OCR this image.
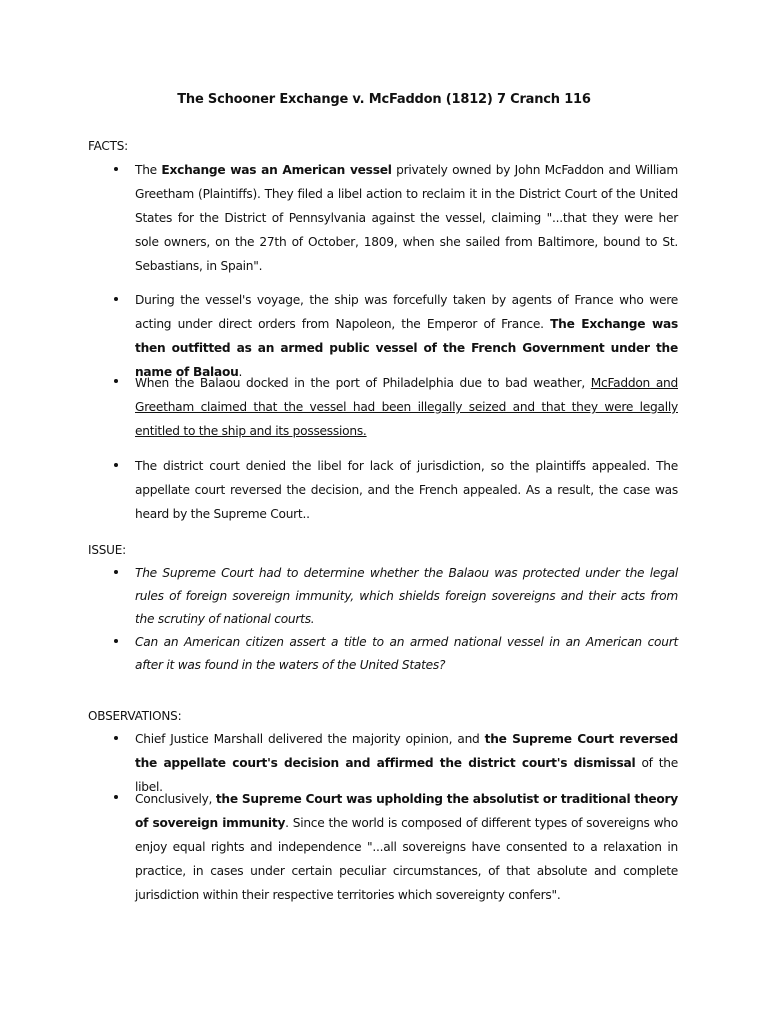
The Schooner Exchange v. McFaddon (1812) 7 Cranch 116
FACTS:
The Exchange was an American vessel privately owned by John McFaddon and William Greetham (Plaintiffs). They filed a libel action to reclaim it in the District Court of the United States for the District of Pennsylvania against the vessel, claiming "...that they were her sole owners, on the 27th of October, 1809, when she sailed from Baltimore, bound to St. Sebastians, in Spain".
During the vessel's voyage, the ship was forcefully taken by agents of France who were acting under direct orders from Napoleon, the Emperor of France. The Exchange was then outfitted as an armed public vessel of the French Government under the name of Balaou.
When the Balaou docked in the port of Philadelphia due to bad weather, McFaddon and Greetham claimed that the vessel had been illegally seized and that they were legally entitled to the ship and its possessions.
The district court denied the libel for lack of jurisdiction, so the plaintiffs appealed. The appellate court reversed the decision, and the French appealed. As a result, the case was heard by the Supreme Court..
ISSUE:
The Supreme Court had to determine whether the Balaou was protected under the legal rules of foreign sovereign immunity, which shields foreign sovereigns and their acts from the scrutiny of national courts.
Can an American citizen assert a title to an armed national vessel in an American court after it was found in the waters of the United States?
OBSERVATIONS:
Chief Justice Marshall delivered the majority opinion, and the Supreme Court reversed the appellate court's decision and affirmed the district court's dismissal of the libel.
Conclusively, the Supreme Court was upholding the absolutist or traditional theory of sovereign immunity. Since the world is composed of different types of sovereigns who enjoy equal rights and independence "...all sovereigns have consented to a relaxation in practice, in cases under certain peculiar circumstances, of that absolute and complete jurisdiction within their respective territories which sovereignty confers".
